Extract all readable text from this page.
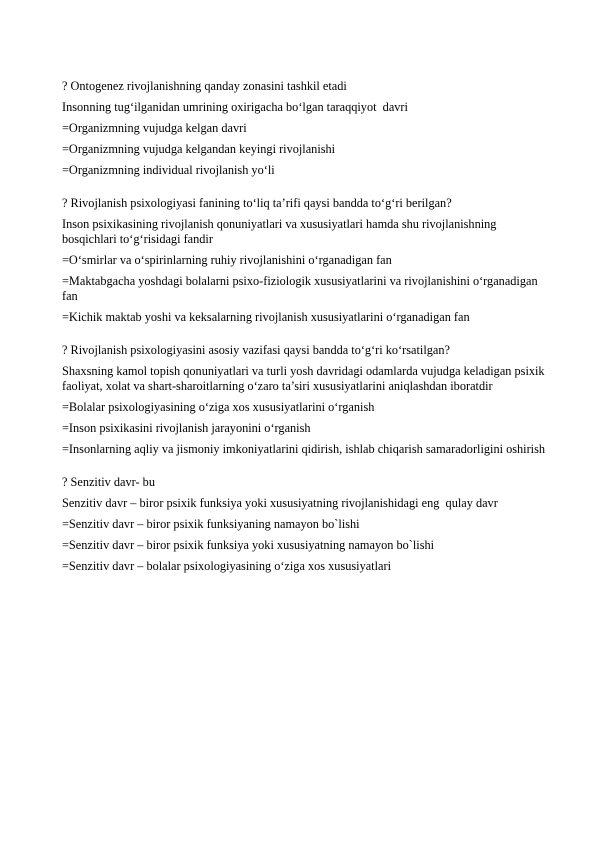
? Ontogenez rivojlanishning qanday zonasini tashkil etadi
Insonning tug‘ilganidan umrining oxirigacha bo‘lgan taraqqiyot  davri
=Organizmning vujudga kelgan davri
=Organizmning vujudga kelgandan keyingi rivojlanishi
=Organizmning individual rivojlanish yo‘li
? Rivojlanish psixologiyasi fanining to‘liq ta’rifi qaysi bandda to‘g‘ri berilgan?
Inson psixikasining rivojlanish qonuniyatlari va xususiyatlari hamda shu rivojlanishning   bosqichlari to‘g‘risidagi fandir
=O‘smirlar va o‘spirinlarning ruhiy rivojlanishini o‘rganadigan fan
=Maktabgacha yoshdagi bolalarni psixo-fiziologik xususiyatlarini va rivojlanishini o‘rganadigan fan
=Kichik maktab yoshi va keksalarning rivojlanish xususiyatlarini o‘rganadigan fan
? Rivojlanish psixologiyasini asosiy vazifasi qaysi bandda to‘g‘ri ko‘rsatilgan?
Shaxsning kamol topish qonuniyatlari va turli yosh davridagi odamlarda vujudga keladigan psixik   faoliyat, xolat va shart-sharoitlarning o‘zaro ta’siri xususiyatlarini aniqlashdan iboratdir
=Bolalar psixologiyasining o‘ziga xos xususiyatlarini o‘rganish
=Inson psixikasini rivojlanish jarayonini o‘rganish
=Insonlarning aqliy va jismoniy imkoniyatlarini qidirish, ishlab chiqarish samaradorligini oshirish
? Senzitiv davr- bu
Senzitiv davr – biror psixik funksiya yoki xususiyatning rivojlanishidagi eng  qulay davr
=Senzitiv davr – biror psixik funksiyaning namayon bo`lishi
=Senzitiv davr – biror psixik funksiya yoki xususiyatning namayon bo`lishi
=Senzitiv davr – bolalar psixologiyasining o‘ziga xos xususiyatlari
